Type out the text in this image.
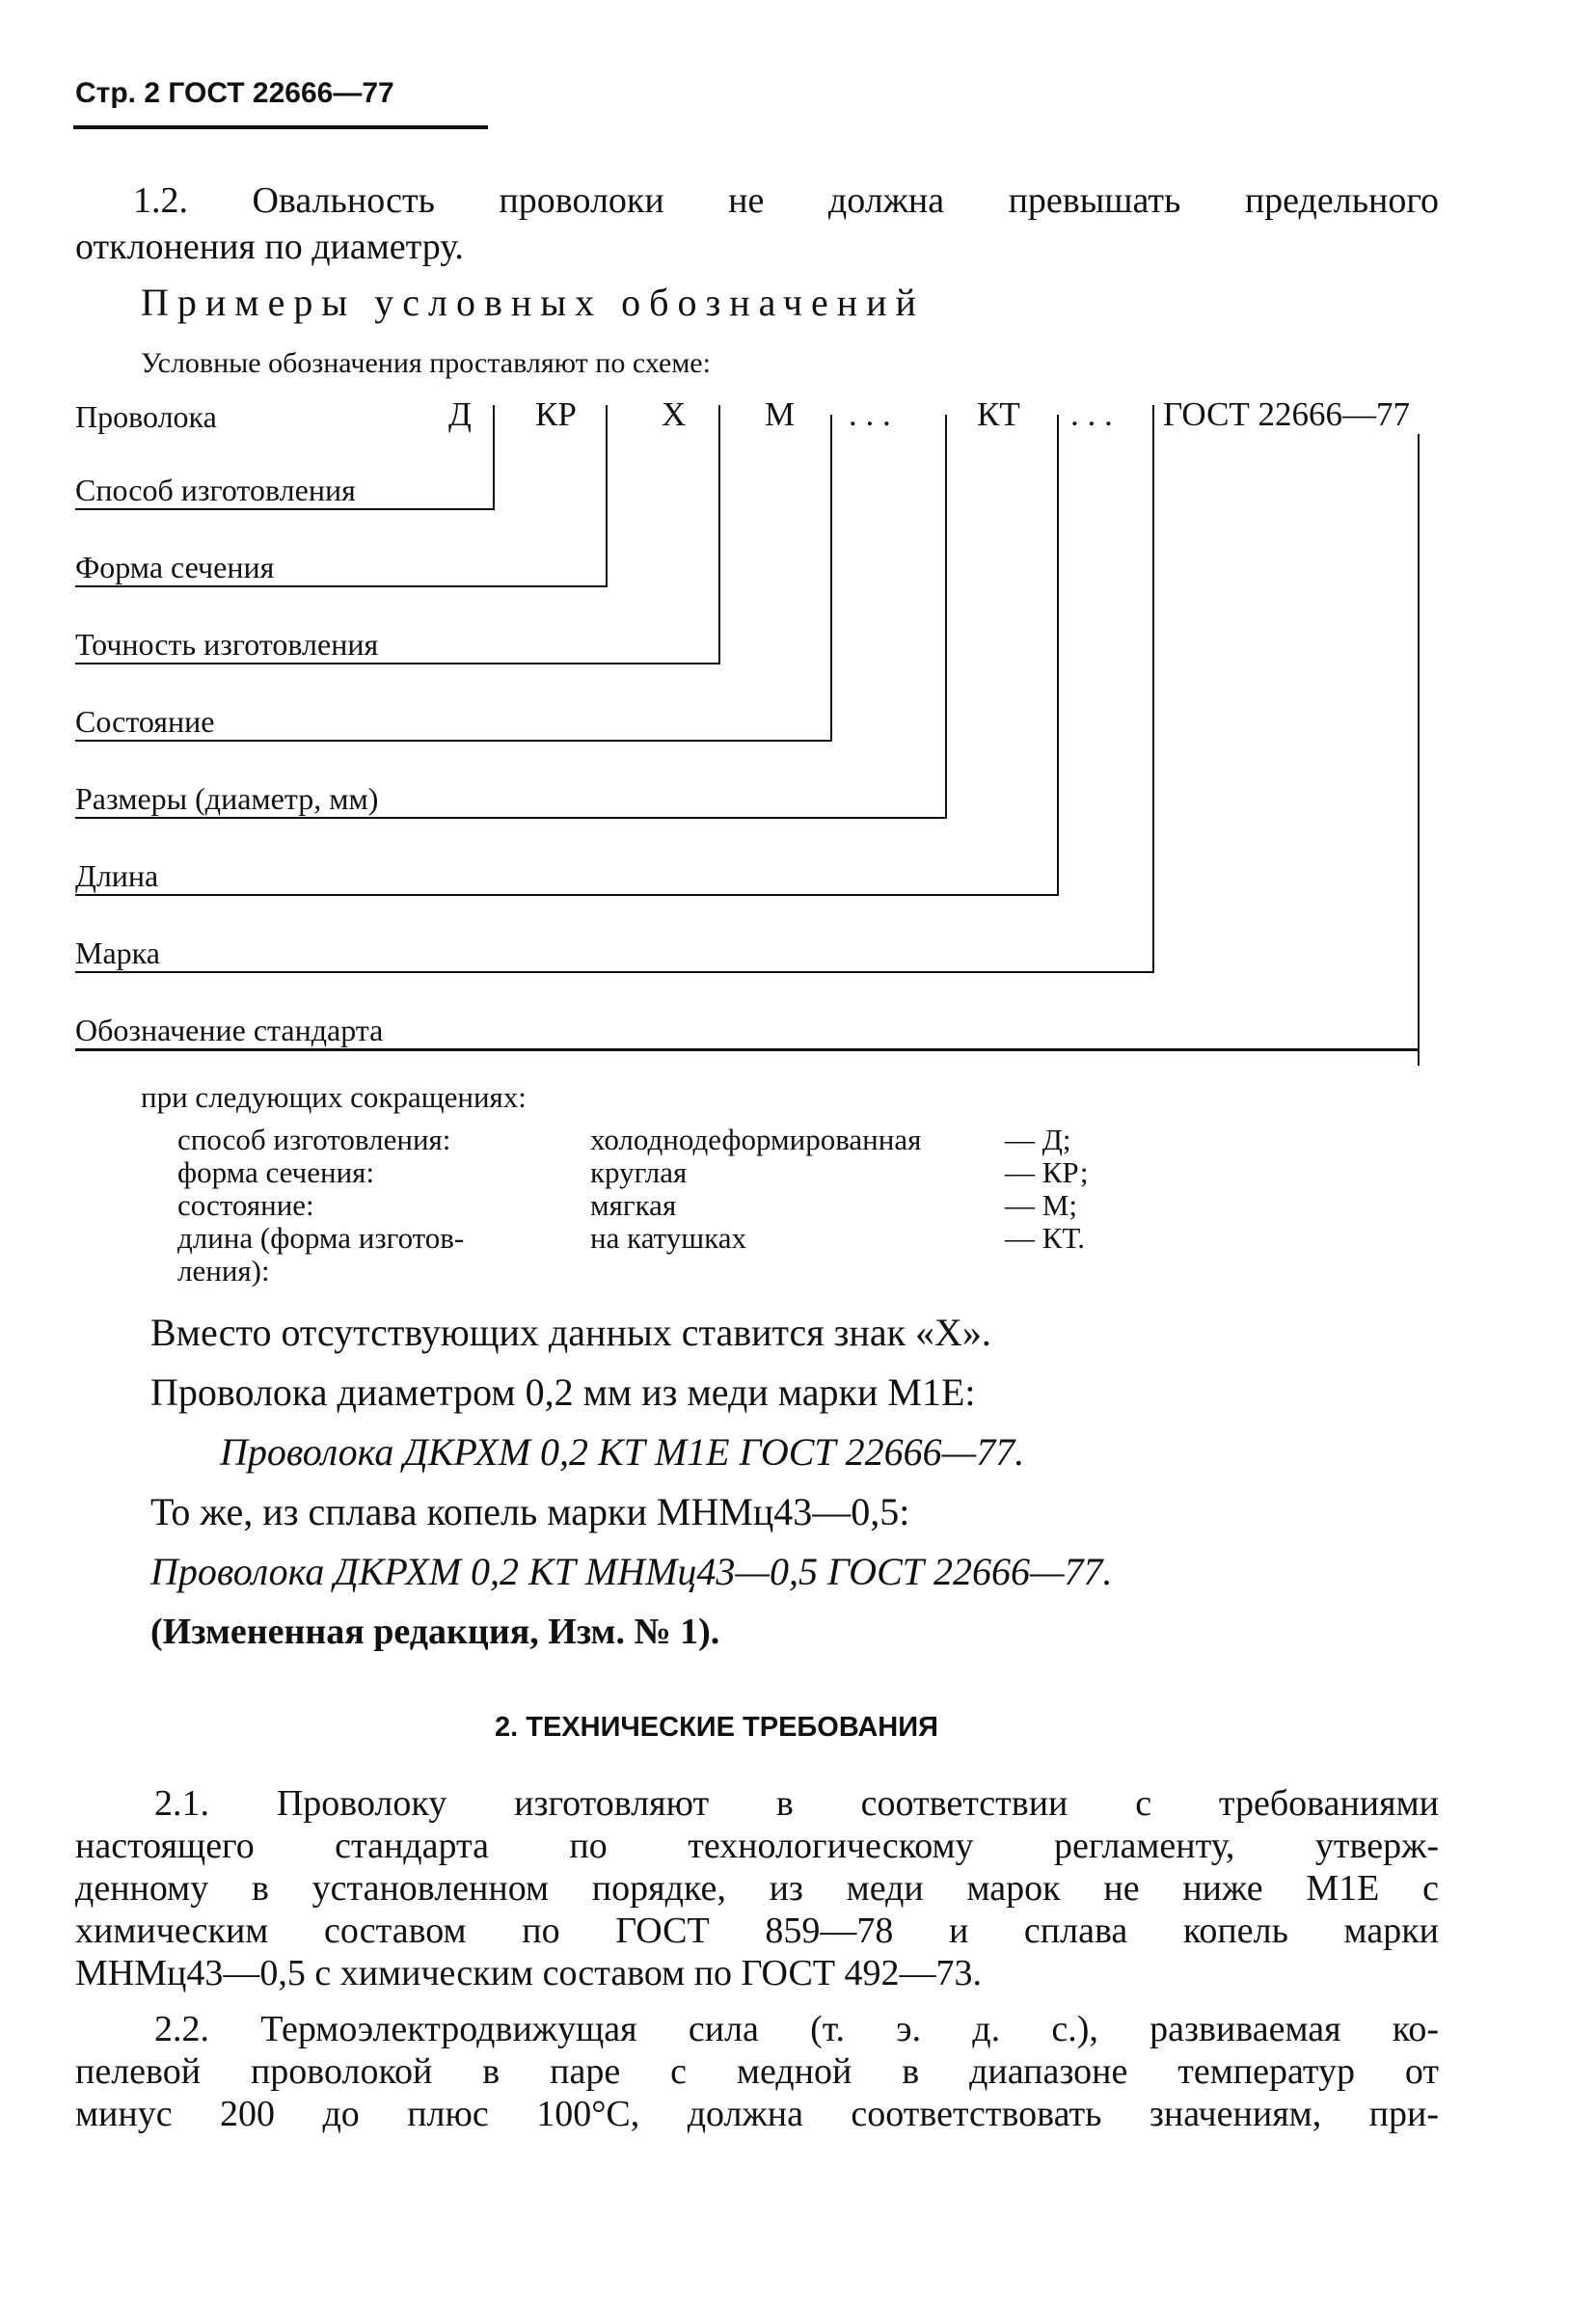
Стр. 2 ГОСТ 22666—77
1.2. Овальность проволоки не должна превышать предельного
отклонения по диаметру.
Примеры условных обозначений
Условные обозначения проставляют по схеме:
Проволока	Д КР	Х М . . .	КТ . . . ГОСТ 22666—77
Способ изготовления
Форма сечения
Точность изготовления
Состояние
Размеры (диаметр, мм)
Длина
Марка
Обозначение стандарта
при следующих сокращениях:
способ изготовления:	холоднодеформированная	— Д;
форма сечения:	круглая	— КР;
состояние:	мягкая	— М;
длина (форма изготов-	на катушках	— КТ.
ления):
Вместо отсутствующих данных ставится знак «Х».
Проволока диаметром 0,2 мм из меди марки М1Е:
Проволока ДКРХМ 0,2 КТ М1Е ГОСТ 22666—77.
То же, из сплава копель марки МНМц43—0,5:
Проволока ДКРХМ 0,2 КТ МНМц43—0,5 ГОСТ 22666—77.
(Измененная редакция, Изм. № 1).
2. ТЕХНИЧЕСКИЕ ТРЕБОВАНИЯ
2.1. Проволоку изготовляют в соответствии с требованиями
настоящего стандарта по технологическому регламенту, утверж-
денному в установленном порядке, из меди марок не ниже М1Е с
химическим составом по ГОСТ 859—78 и сплава копель марки
МНМц43—0,5 с химическим составом по ГОСТ 492—73.
2.2. Термоэлектродвижущая сила (т. э. д. с.), развиваемая ко-
пелевой проволокой в паре с медной в диапазоне температур от
минус 200 до плюс 100°С, должна соответствовать значениям, при-
